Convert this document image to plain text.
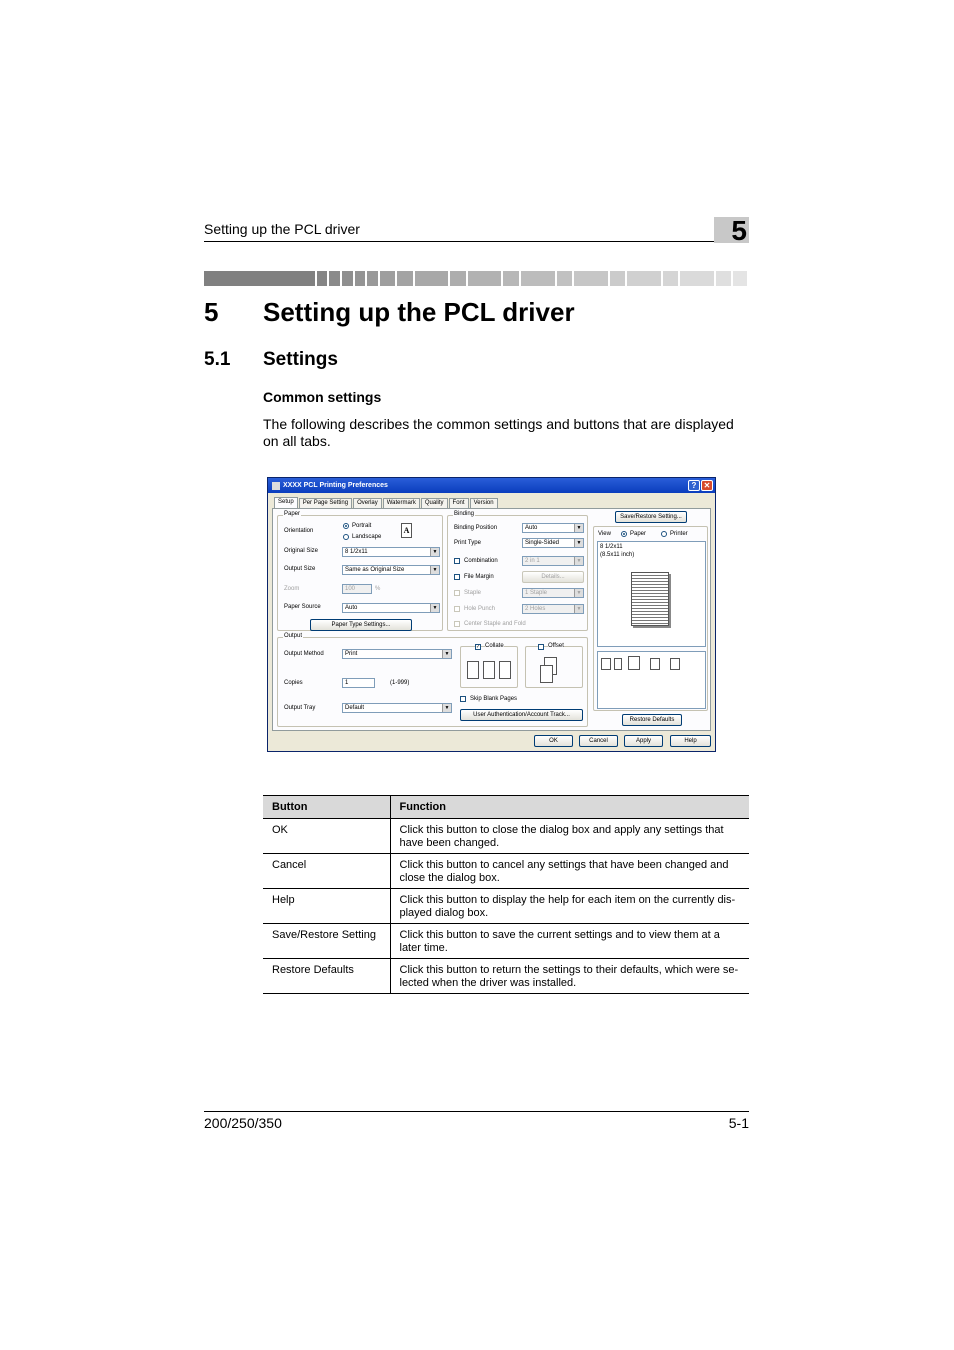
Setting up the PCL driver	5
5 Setting up the PCL driver
5.1 Settings
Common settings
The following describes the common settings and buttons that are displayed on all tabs.
XXXX PCL Printing Preferences	? ✕
Setup	Per Page Setting	Overlay	Watermark	Quality	Font	Version
Paper
Orientation
Portrait
Landscape
A
Original Size	8 1/2x11	▼
Output Size	Same as Original Size	▼
Zoom	100	%
Paper Source	Auto	▼
Paper Type Settings...
Binding
Binding Position	Auto	▼
Print Type	Single-Sided	▼
Combination	2 in 1	▼
File Margin	Details...
Staple	1 Staple	▼
Hole Punch	2 Holes	▼
Center Staple and Fold
Output
Output Method	Print	▼
Copies	1	(1-999)
Output Tray	Default	▼
✓ Collate	Offset
Skip Blank Pages
User Authentication/Account Track...
Save/Restore Setting...
View	Paper	Printer
8 1/2x11
(8.5x11 inch)
Restore Defaults
OK	Cancel	Apply	Help
Button	Function
OK	Click this button to close the dialog box and apply any settings that have been changed.
Cancel	Click this button to cancel any settings that have been changed and close the dialog box.
Help	Click this button to display the help for each item on the currently dis-played dialog box.
Save/Restore Setting	Click this button to save the current settings and to view them at a later time.
Restore Defaults	Click this button to return the settings to their defaults, which were se-lected when the driver was installed.
200/250/350	5-1
